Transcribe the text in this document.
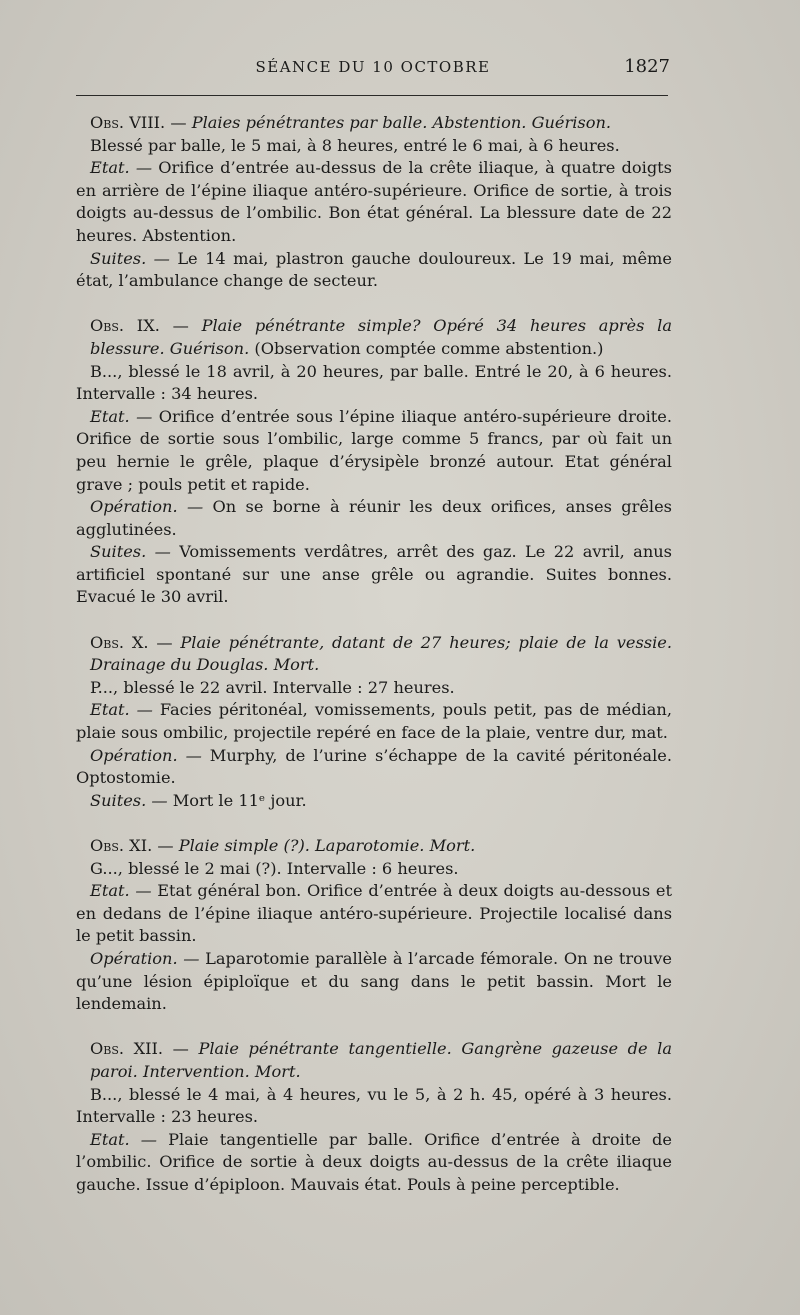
SÉANCE DU 10 OCTOBRE	1827

Obs. VIII. — Plaies pénétrantes par balle. Abstention. Guérison.

Blessé par balle, le 5 mai, à 8 heures, entré le 6 mai, à 6 heures.

Etat. — Orifice d’entrée au-dessus de la crête iliaque, à quatre doigts en arrière de l’épine iliaque antéro-supérieure. Orifice de sortie, à trois doigts au-dessus de l’ombilic. Bon état général. La blessure date de 22 heures. Abstention.

Suites. — Le 14 mai, plastron gauche douloureux. Le 19 mai, même état, l’ambulance change de secteur.

Obs. IX. — Plaie pénétrante simple? Opéré 34 heures après la blessure. Guérison. (Observation comptée comme abstention.)

B..., blessé le 18 avril, à 20 heures, par balle. Entré le 20, à 6 heures. Intervalle : 34 heures.

Etat. — Orifice d’entrée sous l’épine iliaque antéro-supérieure droite. Orifice de sortie sous l’ombilic, large comme 5 francs, par où fait un peu hernie le grêle, plaque d’érysipèle bronzé autour. Etat général grave ; pouls petit et rapide.

Opération. — On se borne à réunir les deux orifices, anses grêles agglutinées.

Suites. — Vomissements verdâtres, arrêt des gaz. Le 22 avril, anus artificiel spontané sur une anse grêle ou agrandie. Suites bonnes. Evacué le 30 avril.

Obs. X. — Plaie pénétrante, datant de 27 heures; plaie de la vessie. Drainage du Douglas. Mort.

P..., blessé le 22 avril. Intervalle : 27 heures.

Etat. — Facies péritonéal, vomissements, pouls petit, pas de médian, plaie sous ombilic, projectile repéré en face de la plaie, ventre dur, mat.

Opération. — Murphy, de l’urine s’échappe de la cavité péritonéale. Optostomie.

Suites. — Mort le 11ᵉ jour.

Obs. XI. — Plaie simple (?). Laparotomie. Mort.

G..., blessé le 2 mai (?). Intervalle : 6 heures.

Etat. — Etat général bon. Orifice d’entrée à deux doigts au-dessous et en dedans de l’épine iliaque antéro-supérieure. Projectile localisé dans le petit bassin.

Opération. — Laparotomie parallèle à l’arcade fémorale. On ne trouve qu’une lésion épiploïque et du sang dans le petit bassin. Mort le lendemain.

Obs. XII. — Plaie pénétrante tangentielle. Gangrène gazeuse de la paroi. Intervention. Mort.

B..., blessé le 4 mai, à 4 heures, vu le 5, à 2 h. 45, opéré à 3 heures. Intervalle : 23 heures.

Etat. — Plaie tangentielle par balle. Orifice d’entrée à droite de l’ombilic. Orifice de sortie à deux doigts au-dessus de la crête iliaque gauche. Issue d’épiploon. Mauvais état. Pouls à peine perceptible.
